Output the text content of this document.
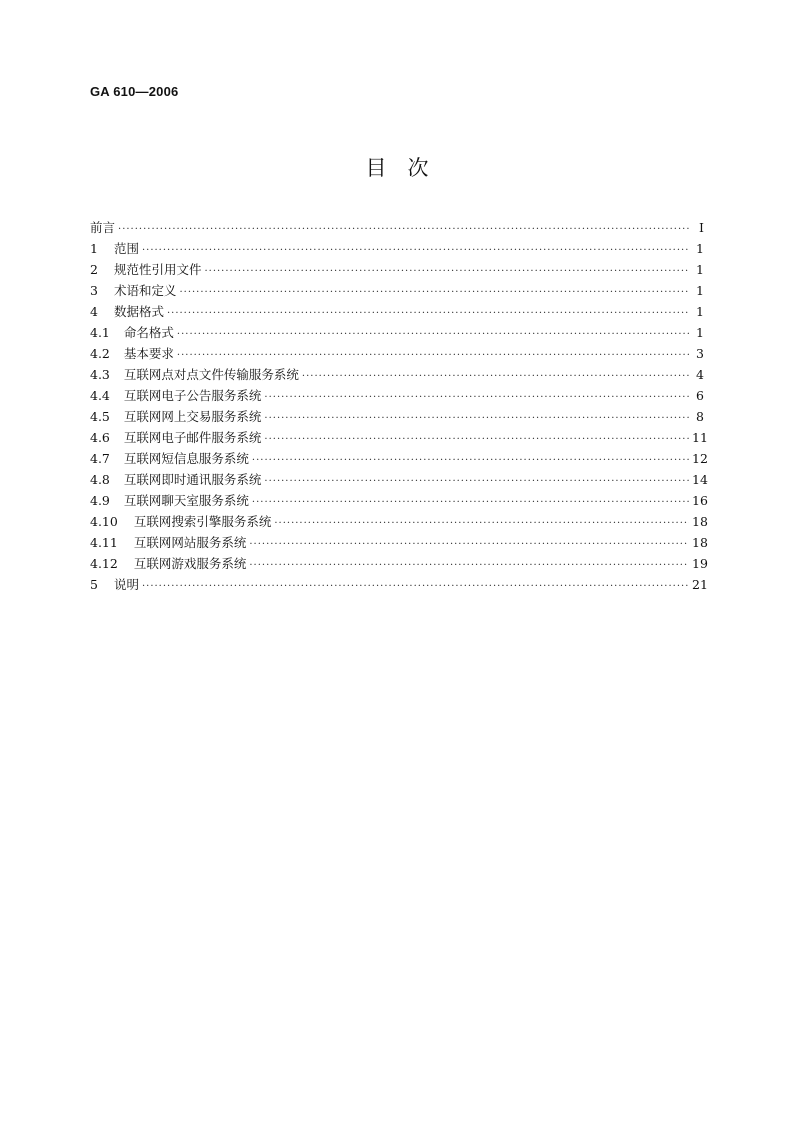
GA 610—2006
目　次
前言 ·····	I
1 范围 ·····	1
2 规范性引用文件 ·····	1
3 术语和定义 ·····	1
4 数据格式 ·····	1
4.1 命名格式 ·····	1
4.2 基本要求 ·····	3
4.3 互联网点对点文件传输服务系统 ·····	4
4.4 互联网电子公告服务系统 ·····	6
4.5 互联网网上交易服务系统 ·····	8
4.6 互联网电子邮件服务系统 ·····	11
4.7 互联网短信息服务系统 ·····	12
4.8 互联网即时通讯服务系统 ·····	14
4.9 互联网聊天室服务系统 ·····	16
4.10 互联网搜索引擎服务系统 ·····	18
4.11 互联网网站服务系统 ·····	18
4.12 互联网游戏服务系统 ·····	19
5 说明 ·····	21
